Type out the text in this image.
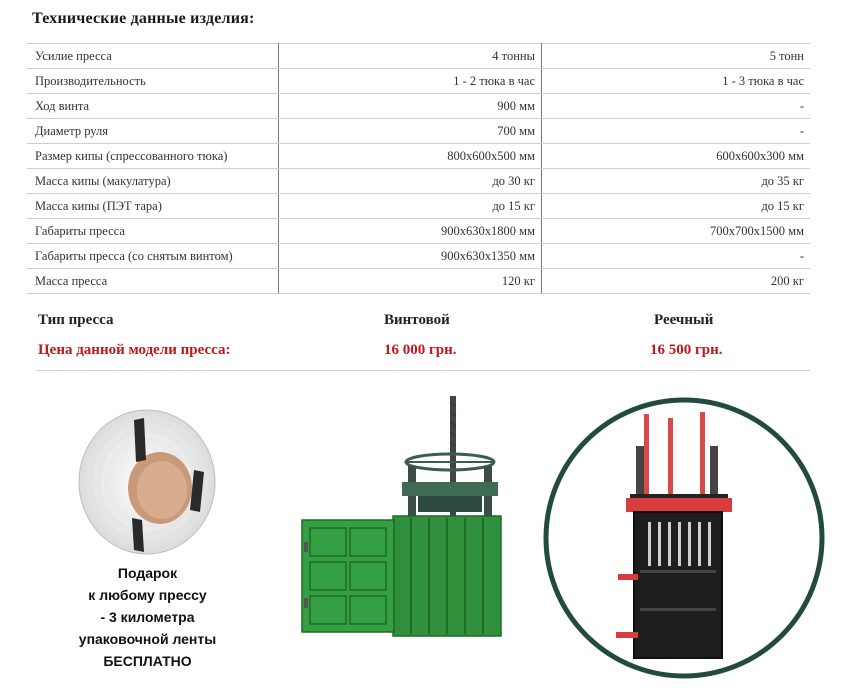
Технические данные изделия:
Усилие пресса	4 тонны	5 тонн
Производительность	1 - 2 тюка в час	1 - 3 тюка в час
Ход винта	900 мм	-
Диаметр руля	700 мм	-
Размер кипы (спрессованного тюка)	800х600х500 мм	600х600х300 мм
Масса кипы (макулатура)	до 30 кг	до 35 кг
Масса кипы (ПЭТ тара)	до 15 кг	до 15 кг
Габариты пресса	900х630х1800 мм	700х700х1500 мм
Габариты пресса (со снятым винтом)	900х630х1350 мм	-
Масса пресса	120 кг	200 кг
Тип пресса	Винтовой	Реечный
Цена данной модели пресса:	16 000 грн.	16 500 грн.
Подарок
к любому прессу
- 3 километра
упаковочной ленты
БЕСПЛАТНО
